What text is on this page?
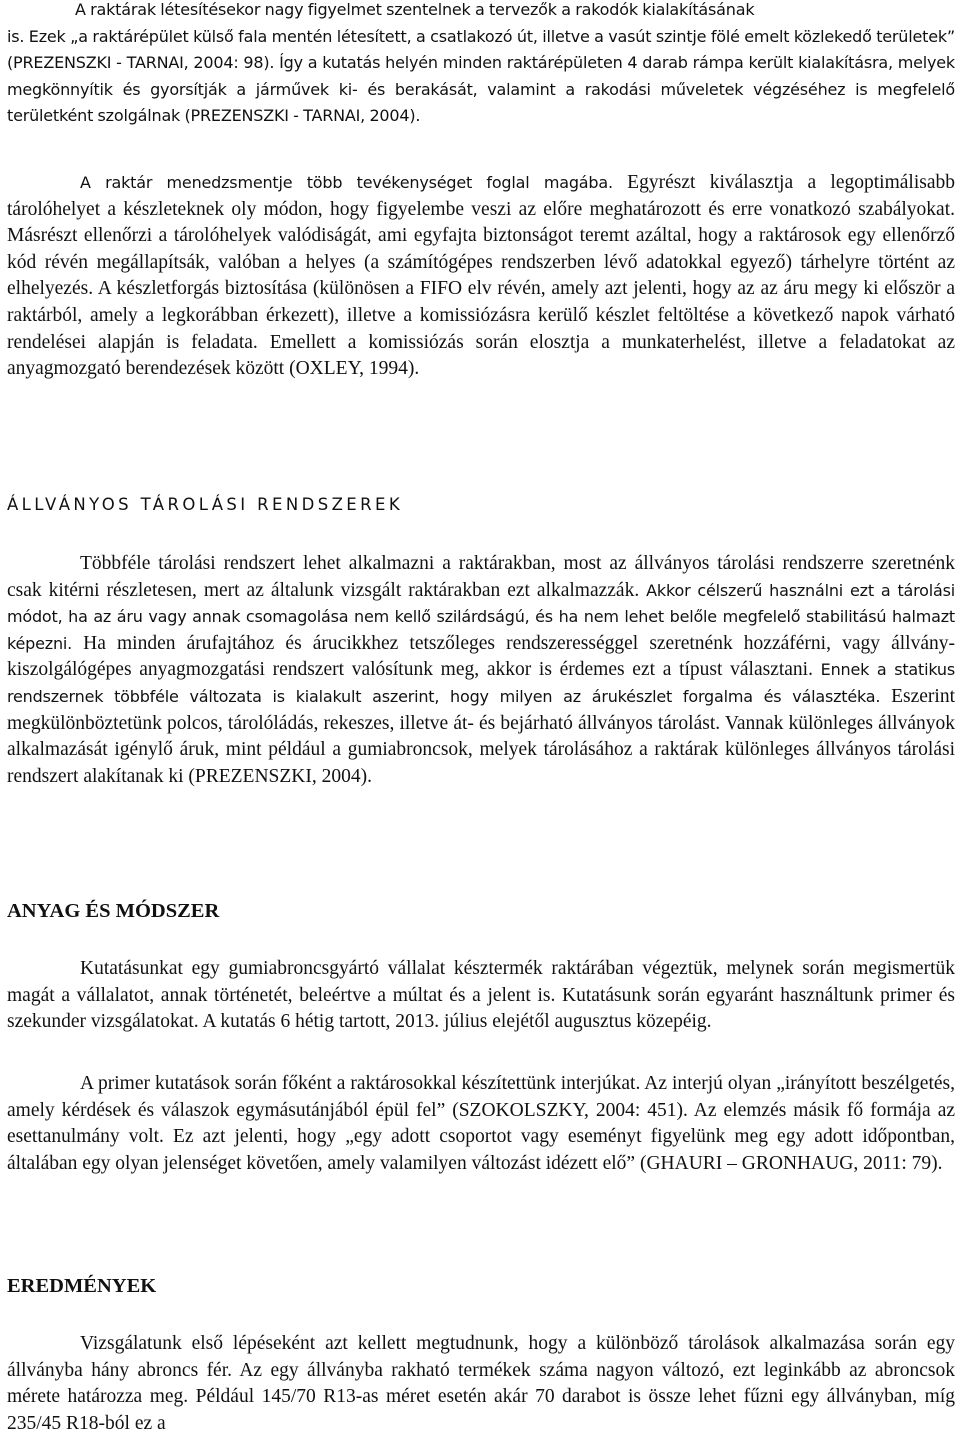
A raktárak létesítésekor nagy figyelmet szentelnek a tervezők a rakodók kialakításának

is. Ezek „a raktárépület külső fala mentén létesített, a csatlakozó út, illetve a vasút szintje fölé emelt közlekedő területek” (PREZENSZKI - TARNAI, 2004: 98). Így a kutatás helyén minden raktárépületen 4 darab rámpa került kialakításra, melyek megkönnyítik és gyorsítják a járművek ki- és berakását, valamint a rakodási műveletek végzéséhez is megfelelő területként szolgálnak (PREZENSZKI - TARNAI, 2004).

A raktár menedzsmentje több tevékenységet foglal magába. Egyrészt kiválasztja a legoptimálisabb tárolóhelyet a készleteknek oly módon, hogy figyelembe veszi az előre meghatározott és erre vonatkozó szabályokat. Másrészt ellenőrzi a tárolóhelyek valódiságát, ami egyfajta biztonságot teremt azáltal, hogy a raktárosok egy ellenőrző kód révén megállapítsák, valóban a helyes (a számítógépes rendszerben lévő adatokkal egyező) tárhelyre történt az elhelyezés. A készletforgás biztosítása (különösen a FIFO elv révén, amely azt jelenti, hogy az az áru megy ki először a raktárból, amely a legkorábban érkezett), illetve a komissiózásra kerülő készlet feltöltése a következő napok várható rendelései alapján is feladata. Emellett a komissiózás során elosztja a munkaterhelést, illetve a feladatokat az anyagmozgató berendezések között (OXLEY, 1994).

ÁLLVÁNYOS TÁROLÁSI RENDSZEREK

Többféle tárolási rendszert lehet alkalmazni a raktárakban, most az állványos tárolási rendszerre szeretnénk csak kitérni részletesen, mert az általunk vizsgált raktárakban ezt alkalmazzák. Akkor célszerű használni ezt a tárolási módot, ha az áru vagy annak csomagolása nem kellő szilárdságú, és ha nem lehet belőle megfelelő stabilitású halmazt képezni. Ha minden árufajtához és árucikkhez tetszőleges rendszerességgel szeretnénk hozzáférni, vagy állvány-kiszolgálógépes anyagmozgatási rendszert valósítunk meg, akkor is érdemes ezt a típust választani. Ennek a statikus rendszernek többféle változata is kialakult aszerint, hogy milyen az árukészlet forgalma és választéka. Eszerint megkülönböztetünk polcos, tárolóládás, rekeszes, illetve át- és bejárható állványos tárolást. Vannak különleges állványok alkalmazását igénylő áruk, mint például a gumiabroncsok, melyek tárolásához a raktárak különleges állványos tárolási rendszert alakítanak ki (PREZENSZKI, 2004).

ANYAG ÉS MÓDSZER

Kutatásunkat egy gumiabroncsgyártó vállalat késztermék raktárában végeztük, melynek során megismertük magát a vállalatot, annak történetét, beleértve a múltat és a jelent is. Kutatásunk során egyaránt használtunk primer és szekunder vizsgálatokat. A kutatás 6 hétig tartott, 2013. július elejétől augusztus közepéig.

A primer kutatások során főként a raktárosokkal készítettünk interjúkat. Az interjú olyan „irányított beszélgetés, amely kérdések és válaszok egymásutánjából épül fel” (SZOKOLSZKY, 2004: 451). Az elemzés másik fő formája az esettanulmány volt. Ez azt jelenti, hogy „egy adott csoportot vagy eseményt figyelünk meg egy adott időpontban, általában egy olyan jelenséget követően, amely valamilyen változást idézett elő” (GHAURI – GRONHAUG, 2011: 79).

EREDMÉNYEK

Vizsgálatunk első lépéseként azt kellett megtudnunk, hogy a különböző tárolások alkalmazása során egy állványba hány abroncs fér. Az egy állványba rakható termékek száma nagyon változó, ezt leginkább az abroncsok mérete határozza meg. Például 145/70 R13-as méret esetén akár 70 darabot is össze lehet fűzni egy állványban, míg 235/45 R18-ból ez a
